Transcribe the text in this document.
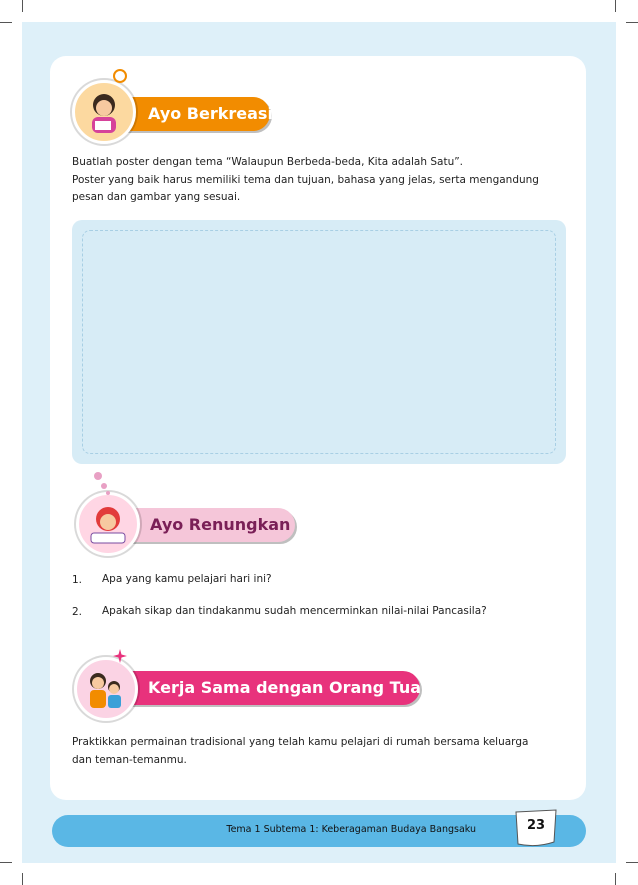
Ayo Berkreasi
Buatlah poster dengan tema “Walaupun Berbeda-beda, Kita adalah Satu”.
Poster yang baik harus memiliki tema dan tujuan, bahasa yang jelas, serta mengandung
pesan dan gambar yang sesuai.
Ayo Renungkan
1. Apa yang kamu pelajari hari ini?
2. Apakah sikap dan tindakanmu sudah mencerminkan nilai-nilai Pancasila?
Kerja Sama dengan Orang Tua
Praktikkan permainan tradisional yang telah kamu pelajari di rumah bersama keluarga
dan teman-temanmu.
Tema 1 Subtema 1: Keberagaman Budaya Bangsaku	23
